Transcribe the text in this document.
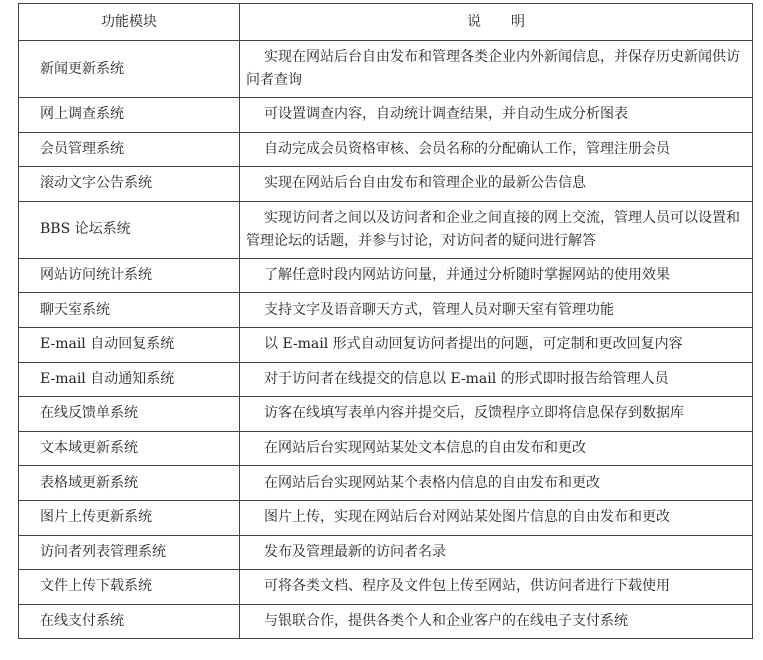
功能模块	说明
新闻更新系统	实现在网站后台自由发布和管理各类企业内外新闻信息，并保存历史新闻供访问者查询

网上调查系统	可设置调查内容，自动统计调查结果，并自动生成分析图表

会员管理系统	自动完成会员资格审核、会员名称的分配确认工作，管理注册会员

滚动文字公告系统	实现在网站后台自由发布和管理企业的最新公告信息

BBS 论坛系统	实现访问者之间以及访问者和企业之间直接的网上交流，管理人员可以设置和管理论坛的话题，并参与讨论，对访问者的疑问进行解答

网站访问统计系统	了解任意时段内网站访问量，并通过分析随时掌握网站的使用效果

聊天室系统	支持文字及语音聊天方式，管理人员对聊天室有管理功能

E-mail 自动回复系统	以 E-mail 形式自动回复访问者提出的问题，可定制和更改回复内容

E-mail 自动通知系统	对于访问者在线提交的信息以 E-mail 的形式即时报告给管理人员

在线反馈单系统	访客在线填写表单内容并提交后，反馈程序立即将信息保存到数据库

文本域更新系统	在网站后台实现网站某处文本信息的自由发布和更改

表格域更新系统	在网站后台实现网站某个表格内信息的自由发布和更改

图片上传更新系统	图片上传，实现在网站后台对网站某处图片信息的自由发布和更改

访问者列表管理系统	发布及管理最新的访问者名录

文件上传下载系统	可将各类文档、程序及文件包上传至网站，供访问者进行下载使用

在线支付系统	与银联合作，提供各类个人和企业客户的在线电子支付系统
